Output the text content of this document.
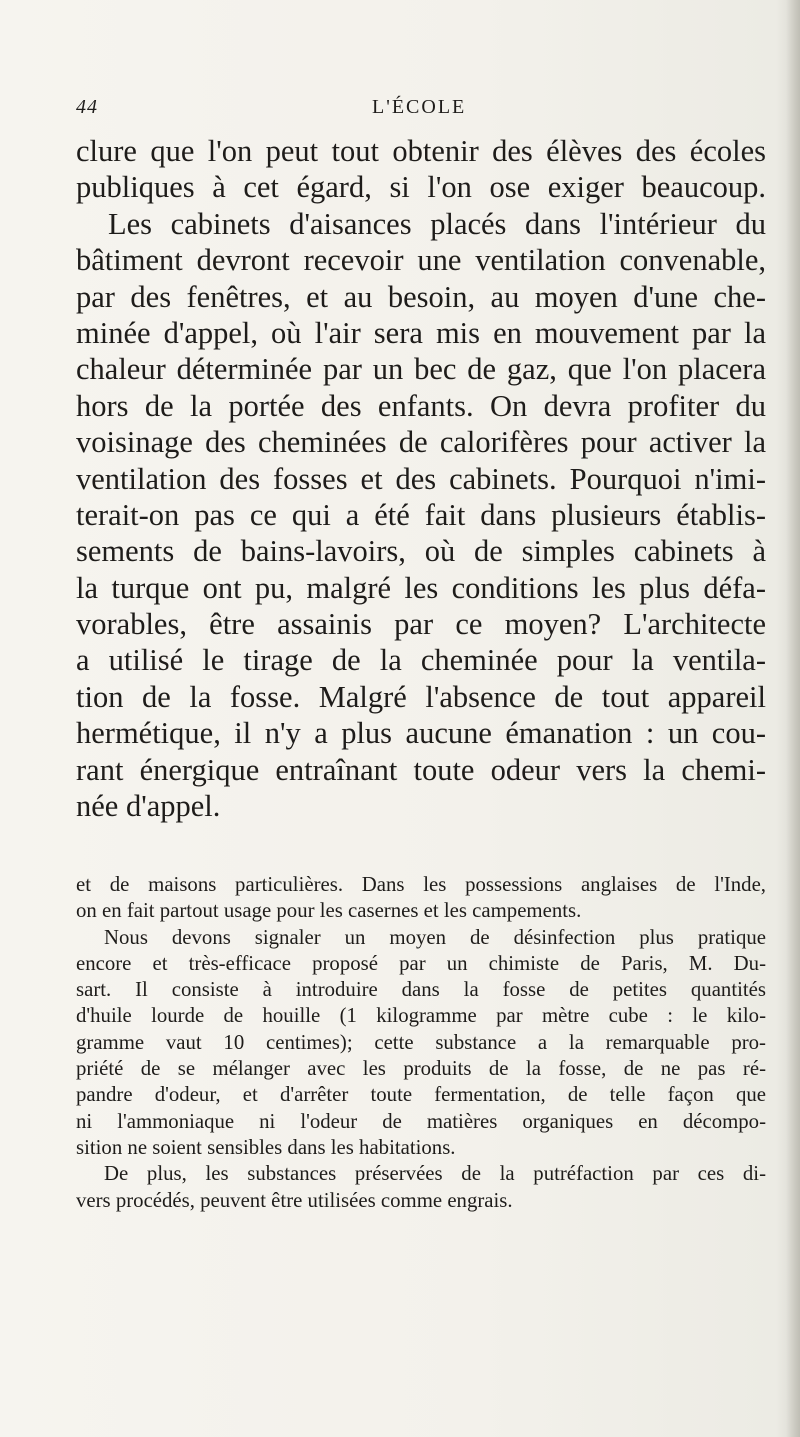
44	L'ÉCOLE
clure que l'on peut tout obtenir des élèves des écoles
publiques à cet égard, si l'on ose exiger beaucoup.
Les cabinets d'aisances placés dans l'intérieur du
bâtiment devront recevoir une ventilation convenable,
par des fenêtres, et au besoin, au moyen d'une che-
minée d'appel, où l'air sera mis en mouvement par la
chaleur déterminée par un bec de gaz, que l'on placera
hors de la portée des enfants. On devra profiter du
voisinage des cheminées de calorifères pour activer la
ventilation des fosses et des cabinets. Pourquoi n'imi-
terait-on pas ce qui a été fait dans plusieurs établis-
sements de bains-lavoirs, où de simples cabinets à
la turque ont pu, malgré les conditions les plus défa-
vorables, être assainis par ce moyen? L'architecte
a utilisé le tirage de la cheminée pour la ventila-
tion de la fosse. Malgré l'absence de tout appareil
hermétique, il n'y a plus aucune émanation : un cou-
rant énergique entraînant toute odeur vers la chemi-
née d'appel.
et de maisons particulières. Dans les possessions anglaises de l'Inde,
on en fait partout usage pour les casernes et les campements.
Nous devons signaler un moyen de désinfection plus pratique
encore et très-efficace proposé par un chimiste de Paris, M. Du-
sart. Il consiste à introduire dans la fosse de petites quantités
d'huile lourde de houille (1 kilogramme par mètre cube : le kilo-
gramme vaut 10 centimes); cette substance a la remarquable pro-
priété de se mélanger avec les produits de la fosse, de ne pas ré-
pandre d'odeur, et d'arrêter toute fermentation, de telle façon que
ni l'ammoniaque ni l'odeur de matières organiques en décompo-
sition ne soient sensibles dans les habitations.
De plus, les substances préservées de la putréfaction par ces di-
vers procédés, peuvent être utilisées comme engrais.
